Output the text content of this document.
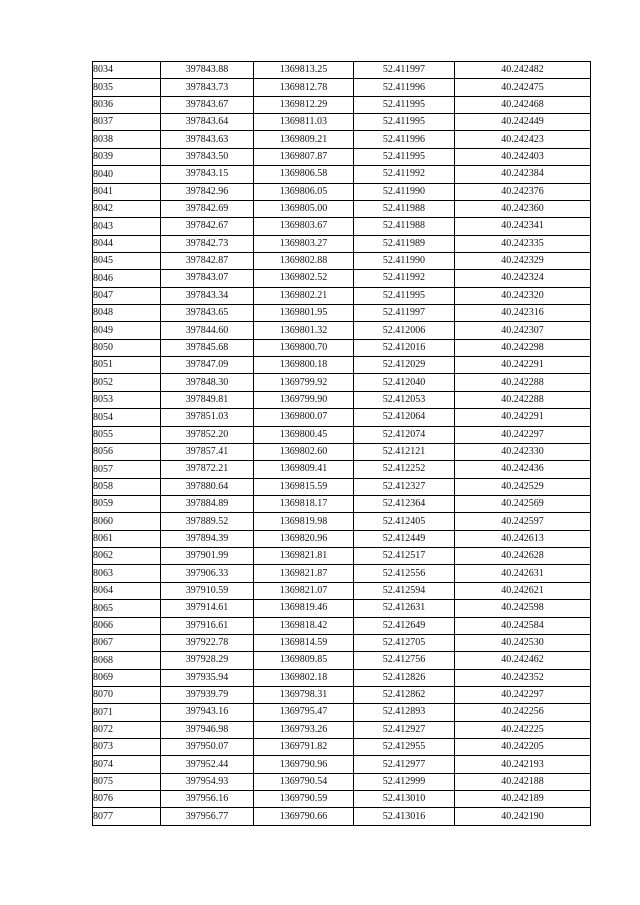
8034	397843.88	1369813.25	52.411997	40.242482
8035	397843.73	1369812.78	52.411996	40.242475
8036	397843.67	1369812.29	52.411995	40.242468
8037	397843.64	1369811.03	52.411995	40.242449
8038	397843.63	1369809.21	52.411996	40.242423
8039	397843.50	1369807.87	52.411995	40.242403
8040	397843.15	1369806.58	52.411992	40.242384
8041	397842.96	1369806.05	52.411990	40.242376
8042	397842.69	1369805.00	52.411988	40.242360
8043	397842.67	1369803.67	52.411988	40.242341
8044	397842.73	1369803.27	52.411989	40.242335
8045	397842.87	1369802.88	52.411990	40.242329
8046	397843.07	1369802.52	52.411992	40.242324
8047	397843.34	1369802.21	52.411995	40.242320
8048	397843.65	1369801.95	52.411997	40.242316
8049	397844.60	1369801.32	52.412006	40.242307
8050	397845.68	1369800.70	52.412016	40.242298
8051	397847.09	1369800.18	52.412029	40.242291
8052	397848.30	1369799.92	52.412040	40.242288
8053	397849.81	1369799.90	52.412053	40.242288
8054	397851.03	1369800.07	52.412064	40.242291
8055	397852.20	1369800.45	52.412074	40.242297
8056	397857.41	1369802.60	52.412121	40.242330
8057	397872.21	1369809.41	52.412252	40.242436
8058	397880.64	1369815.59	52.412327	40.242529
8059	397884.89	1369818.17	52.412364	40.242569
8060	397889.52	1369819.98	52.412405	40.242597
8061	397894.39	1369820.96	52.412449	40.242613
8062	397901.99	1369821.81	52.412517	40.242628
8063	397906.33	1369821.87	52.412556	40.242631
8064	397910.59	1369821.07	52.412594	40.242621
8065	397914.61	1369819.46	52.412631	40.242598
8066	397916.61	1369818.42	52.412649	40.242584
8067	397922.78	1369814.59	52.412705	40.242530
8068	397928.29	1369809.85	52.412756	40.242462
8069	397935.94	1369802.18	52.412826	40.242352
8070	397939.79	1369798.31	52.412862	40.242297
8071	397943.16	1369795.47	52.412893	40.242256
8072	397946.98	1369793.26	52.412927	40.242225
8073	397950.07	1369791.82	52.412955	40.242205
8074	397952.44	1369790.96	52.412977	40.242193
8075	397954.93	1369790.54	52.412999	40.242188
8076	397956.16	1369790.59	52.413010	40.242189
8077	397956.77	1369790.66	52.413016	40.242190
